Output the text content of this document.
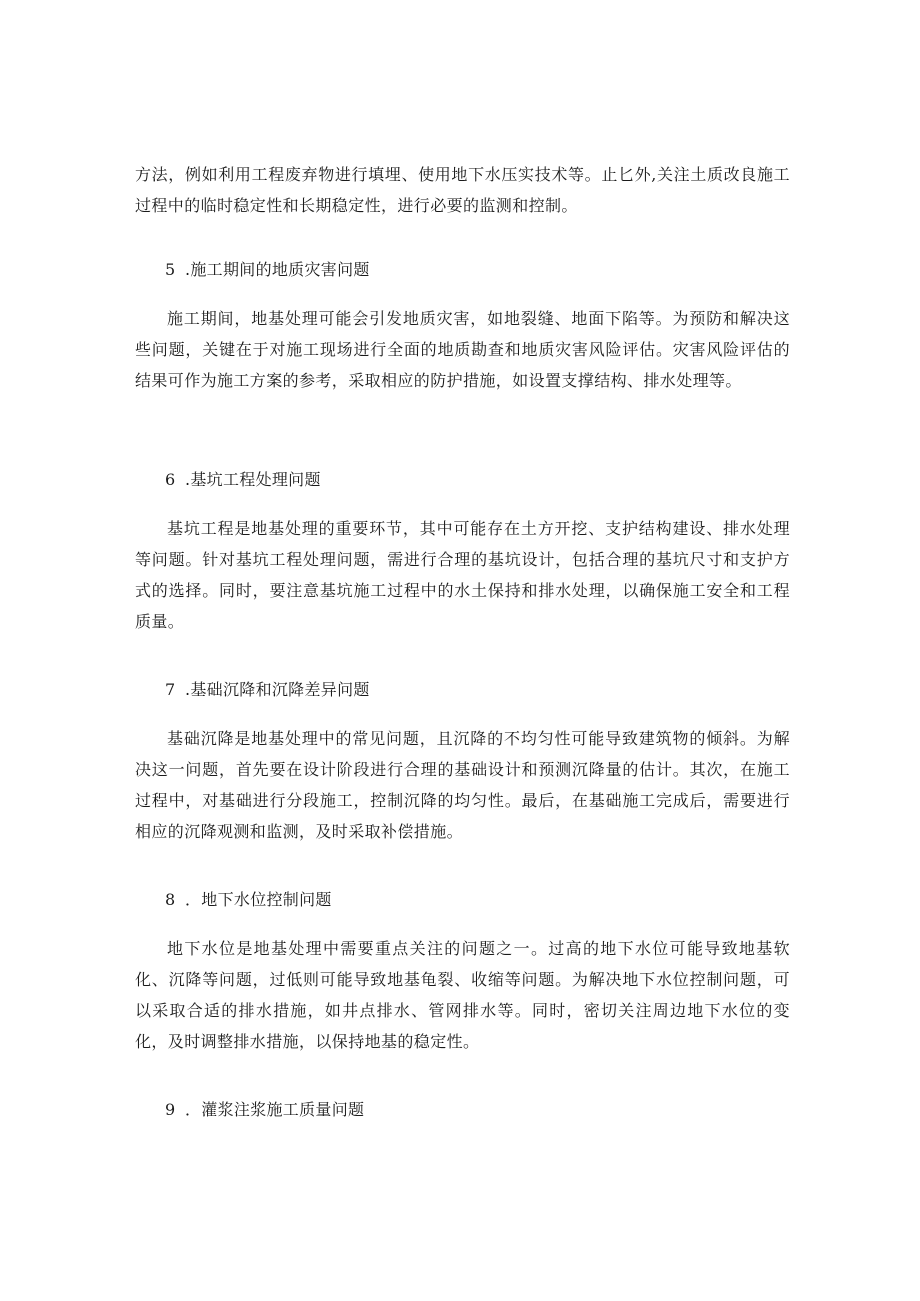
方法，例如利用工程废弃物进行填埋、使用地下水压实技术等。止匕外,关注土质改良施工过程中的临时稳定性和长期稳定性，进行必要的监测和控制。

5 .施工期间的地质灾害问题

施工期间，地基处理可能会引发地质灾害，如地裂缝、地面下陷等。为预防和解决这些问题，关键在于对施工现场进行全面的地质勘查和地质灾害风险评估。灾害风险评估的结果可作为施工方案的参考，采取相应的防护措施，如设置支撑结构、排水处理等。

6 .基坑工程处理问题

基坑工程是地基处理的重要环节，其中可能存在土方开挖、支护结构建设、排水处理等问题。针对基坑工程处理问题，需进行合理的基坑设计，包括合理的基坑尺寸和支护方式的选择。同时，要注意基坑施工过程中的水土保持和排水处理，以确保施工安全和工程质量。

7 .基础沉降和沉降差异问题

基础沉降是地基处理中的常见问题，且沉降的不均匀性可能导致建筑物的倾斜。为解决这一问题，首先要在设计阶段进行合理的基础设计和预测沉降量的估计。其次，在施工过程中，对基础进行分段施工，控制沉降的均匀性。最后，在基础施工完成后，需要进行相应的沉降观测和监测，及时采取补偿措施。

8 ．地下水位控制问题

地下水位是地基处理中需要重点关注的问题之一。过高的地下水位可能导致地基软化、沉降等问题，过低则可能导致地基龟裂、收缩等问题。为解决地下水位控制问题，可以采取合适的排水措施，如井点排水、管网排水等。同时，密切关注周边地下水位的变化，及时调整排水措施，以保持地基的稳定性。

9 ．灌浆注浆施工质量问题
